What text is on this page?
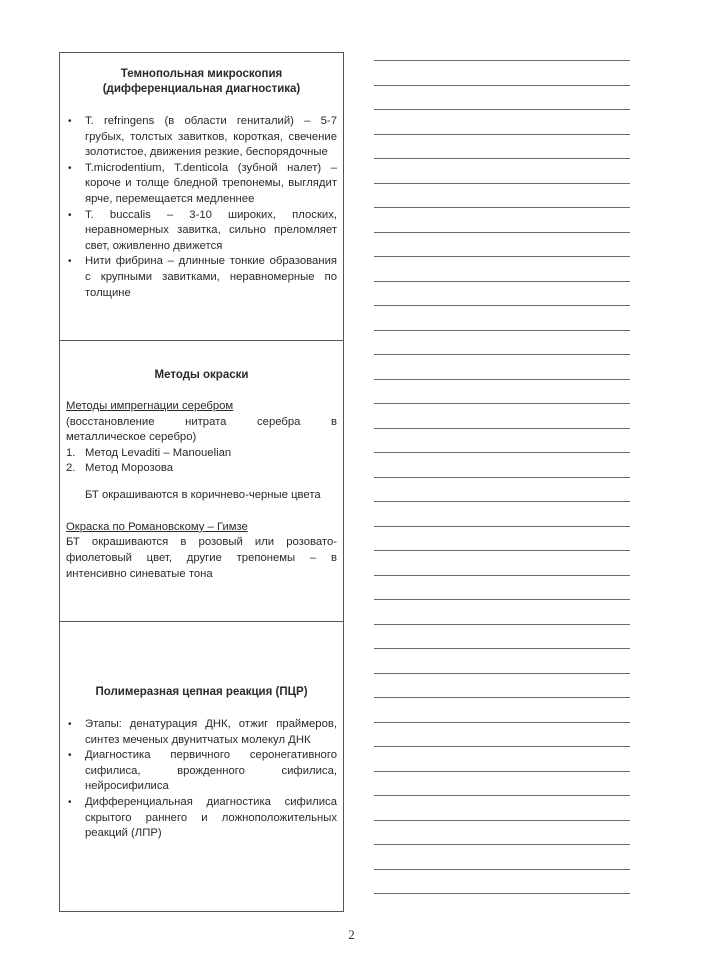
Темнопольная микроскопия

(дифференциальная диагностика)

• T. refringens (в области гениталий) – 5-7 грубых, толстых завитков, короткая, свечение золотистое, движения резкие, беспорядочные
• T.microdentium, T.denticola (зубной налет) – короче и толще бледной трепонемы, выглядит ярче, перемещается медленнее
• T. buccalis – 3-10 широких, плоских, неравномерных завитка, сильно преломляет свет, оживленно движется
• Нити фибрина – длинные тонкие образования с крупными завитками, неравномерные по толщине

Методы окраски

Методы импрегнации серебром

(восстановление нитрата серебра в металлическое серебро)

1. Метод Levaditi – Manouelian
2. Метод Морозова

БТ окрашиваются в коричнево-черные цвета

Окраска по Романовскому – Гимзе

БТ окрашиваются в розовый или розовато-фиолетовый цвет, другие трепонемы – в интенсивно синеватые тона

Полимеразная цепная реакция (ПЦР)

• Этапы: денатурация ДНК, отжиг праймеров, синтез меченых двунитчатых молекул ДНК
• Диагностика первичного серонегативного сифилиса, врожденного сифилиса, нейросифилиса
• Дифференциальная диагностика сифилиса скрытого раннего и ложноположительных реакций (ЛПР)
2
